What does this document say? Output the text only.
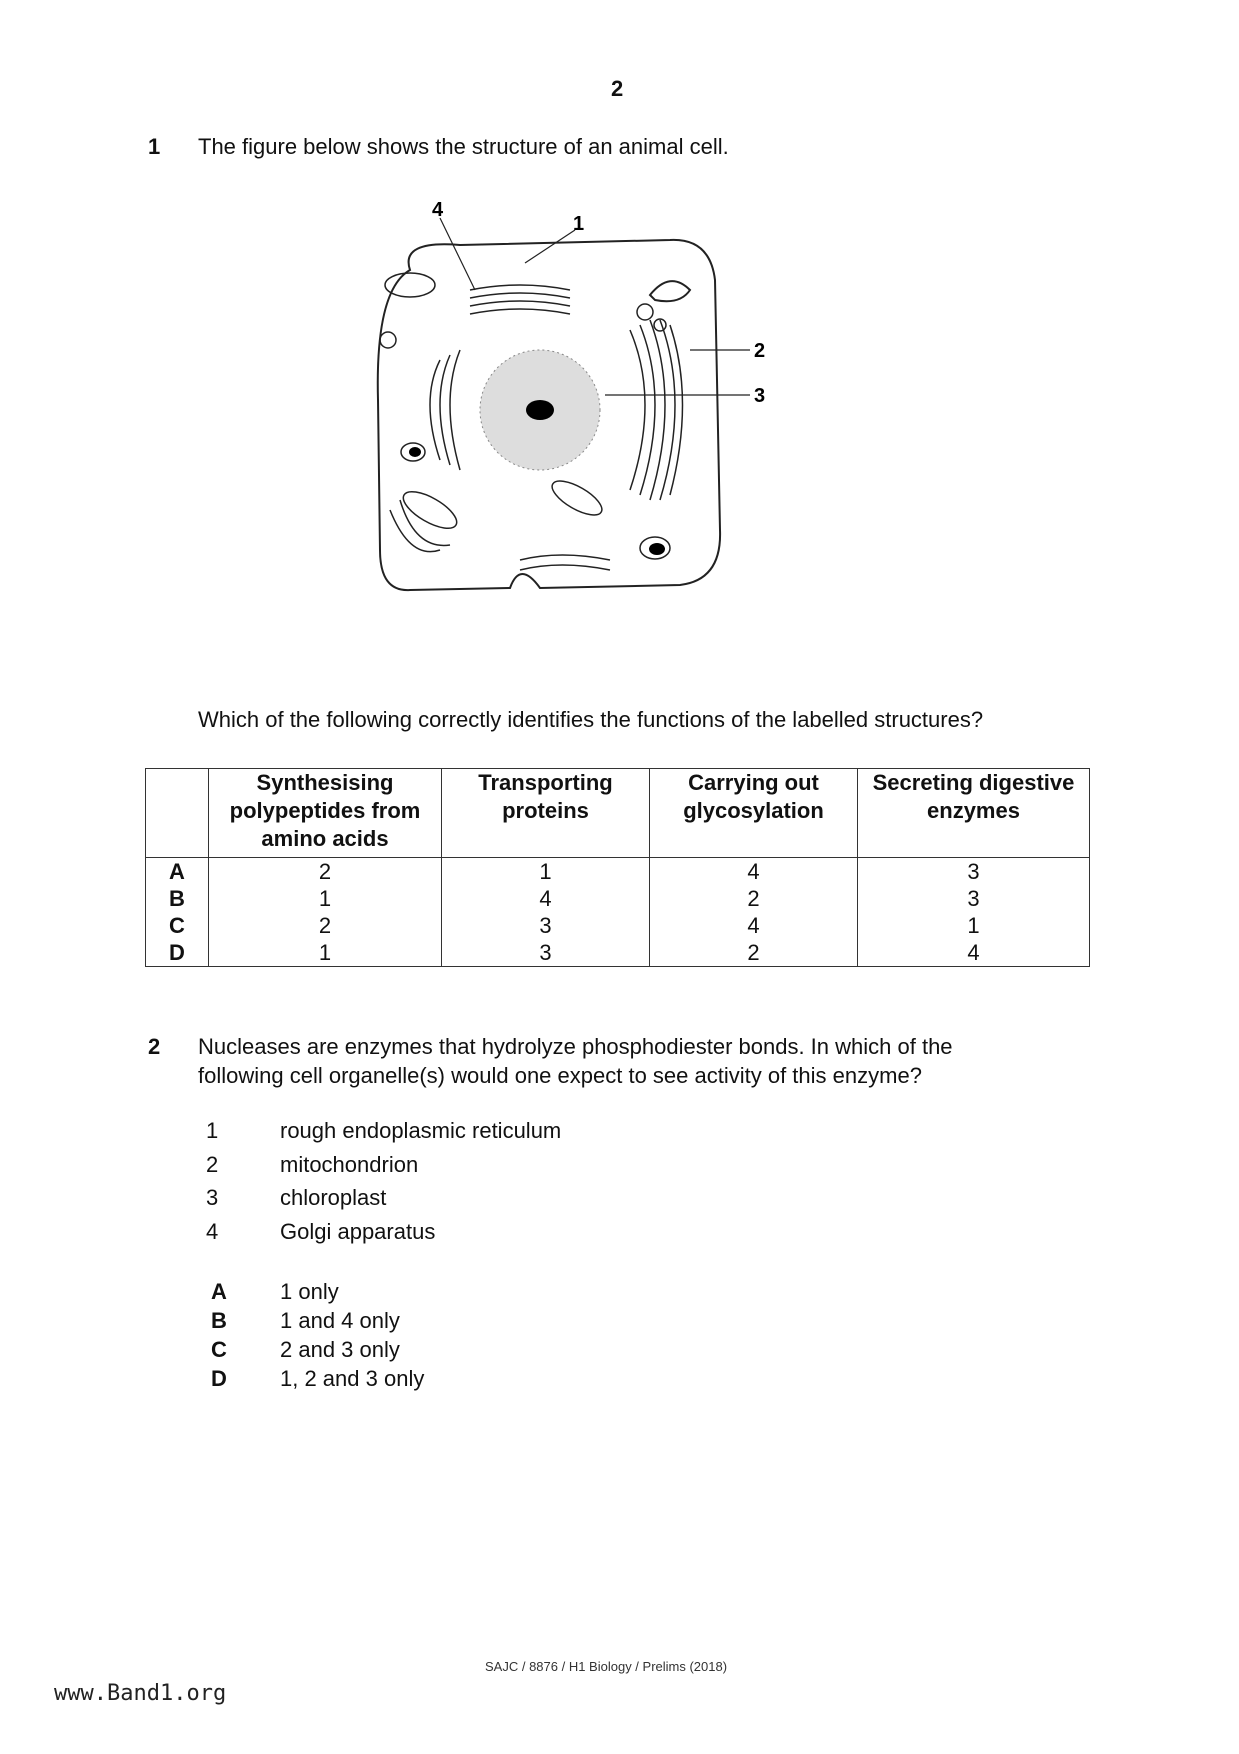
2
1 The figure below shows the structure of an animal cell.
4
1
2
3
Which of the following correctly identifies the functions of the labelled structures?
	Synthesising polypeptides from amino acids	Transporting proteins	Carrying out glycosylation	Secreting digestive enzymes
A	2	1	4	3
B	1	4	2	3
C	2	3	4	1
D	1	3	2	4
2 Nucleases are enzymes that hydrolyze phosphodiester bonds. In which of the
following cell organelle(s) would one expect to see activity of this enzyme?
SAJC / 8876 / H1 Biology / Prelims (2018)
www.Band1.org
1	rough endoplasmic reticulum
2	mitochondrion
3	chloroplast
4	Golgi apparatus
A 1 only
B 1 and 4 only
C 2 and 3 only
D 1, 2 and 3 only
